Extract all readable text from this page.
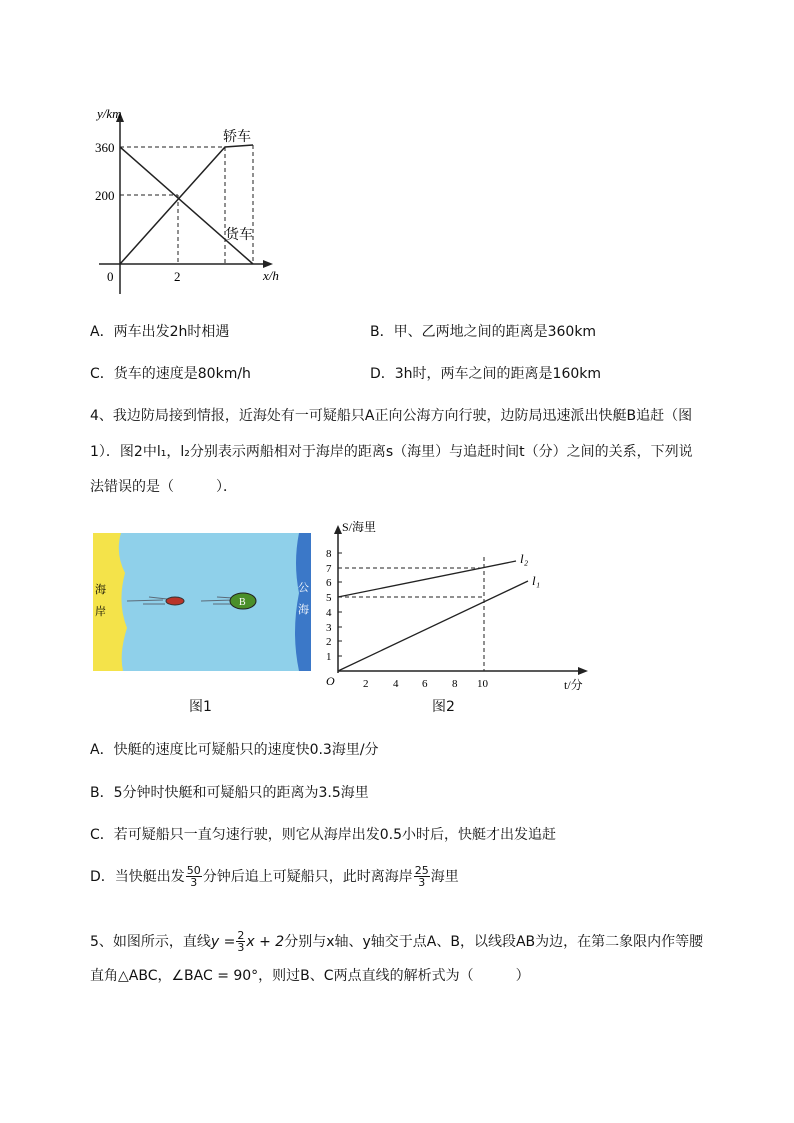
y/km
360
200
0	2	x/h
轿车
货车
A．两车出发2h时相遇	B．甲、乙两地之间的距离是360km
C．货车的速度是80km/h	D．3h时，两车之间的距离是160km
4、我边防局接到情报，近海处有一可疑船只A正向公海方向行驶，边防局迅速派出快艇B追赶（图
1）．图2中l₁，l₂分别表示两船相对于海岸的距离s（海里）与追赶时间t（分）之间的关系，下列说
法错误的是（　　　）．
海
岸
公
海
B
图1
1
2
3
4
5
6
7
8
2 4 6 8 10
O
S/海里
t/分
l₂
l₁
图2
A．快艇的速度比可疑船只的速度快0.3海里/分
B．5分钟时快艇和可疑船只的距离为3.5海里
C．若可疑船只一直匀速行驶，则它从海岸出发0.5小时后，快艇才出发追赶
D．当快艇出发 $\frac{50}{3}$ 分钟后追上可疑船只，此时离海岸 $\frac{25}{3}$ 海里
5、如图所示，直线 $y = \frac{2}{3}$ x + 2 分别与x轴、y轴交于点A、B，以线段AB为边，在第二象限内作等腰
直角△ABC，∠BAC = 90°，则过B、C两点直线的解析式为（　　　）
